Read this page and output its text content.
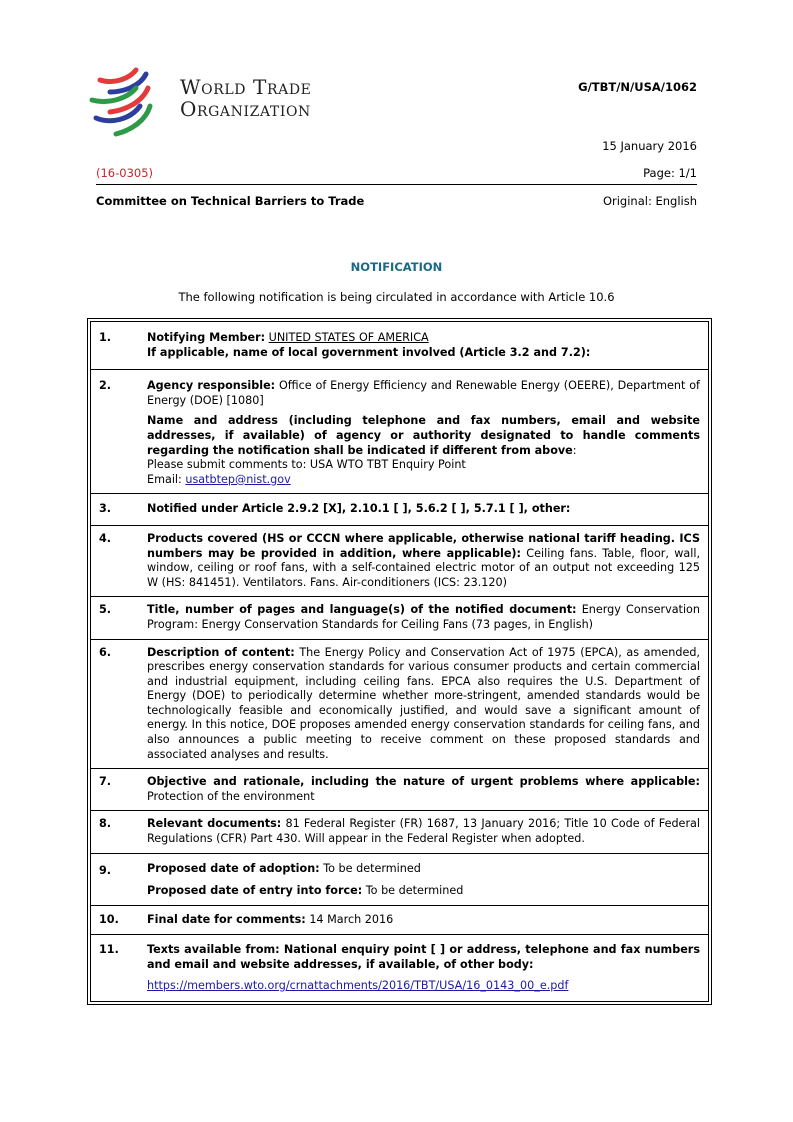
World Trade
Organization
G/TBT/N/USA/1062
15 January 2016
(16-0305)	Page: 1/1
Committee on Technical Barriers to Trade	Original: English
NOTIFICATION
The following notification is being circulated in accordance with Article 10.6
1.	Notifying Member: UNITED STATES OF AMERICA
If applicable, name of local government involved (Article 3.2 and 7.2):

2.	Agency responsible: Office of Energy Efficiency and Renewable Energy (OEERE), Department of Energy (DOE) [1080]

Name and address (including telephone and fax numbers, email and website addresses, if available) of agency or authority designated to handle comments regarding the notification shall be indicated if different from above:
Please submit comments to: USA WTO TBT Enquiry Point
Email: usatbtep@nist.gov

3.	Notified under Article 2.9.2 [X], 2.10.1 [ ], 5.6.2 [ ], 5.7.1 [ ], other:

4.	Products covered (HS or CCCN where applicable, otherwise national tariff heading. ICS numbers may be provided in addition, where applicable): Ceiling fans. Table, floor, wall, window, ceiling or roof fans, with a self-contained electric motor of an output not exceeding 125 W (HS: 841451). Ventilators. Fans. Air-conditioners (ICS: 23.120)

5.	Title, number of pages and language(s) of the notified document: Energy Conservation Program: Energy Conservation Standards for Ceiling Fans (73 pages, in English)

6.	Description of content: The Energy Policy and Conservation Act of 1975 (EPCA), as amended, prescribes energy conservation standards for various consumer products and certain commercial and industrial equipment, including ceiling fans. EPCA also requires the U.S. Department of Energy (DOE) to periodically determine whether more-stringent, amended standards would be technologically feasible and economically justified, and would save a significant amount of energy. In this notice, DOE proposes amended energy conservation standards for ceiling fans, and also announces a public meeting to receive comment on these proposed standards and associated analyses and results.

7.	Objective and rationale, including the nature of urgent problems where applicable: Protection of the environment

8.	Relevant documents: 81 Federal Register (FR) 1687, 13 January 2016; Title 10 Code of Federal Regulations (CFR) Part 430. Will appear in the Federal Register when adopted.

9.	Proposed date of adoption: To be determined

Proposed date of entry into force: To be determined

10.	Final date for comments: 14 March 2016

11.	Texts available from: National enquiry point [ ] or address, telephone and fax numbers and email and website addresses, if available, of other body:

https://members.wto.org/crnattachments/2016/TBT/USA/16_0143_00_e.pdf
